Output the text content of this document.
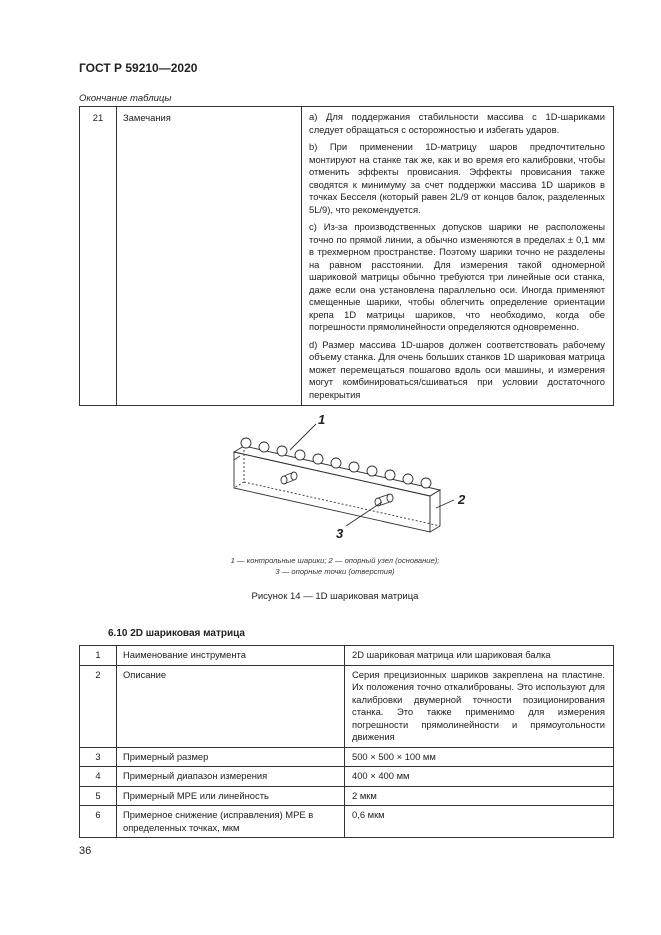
ГОСТ Р 59210—2020
Окончание таблицы
21	Замечания	a) Для поддержания стабильности массива с 1D-шариками следует обращаться с осторожностью и избегать ударов.

b) При применении 1D-матрицу шаров предпочтительно монтируют на станке так же, как и во время его калибровки, чтобы отменить эффекты провисания. Эффекты провисания также сводятся к минимуму за счет поддержки массива 1D шариков в точках Бесселя (который равен 2L/9 от концов балок, разделенных 5L/9), что рекомендуется.

c) Из-за производственных допусков шарики не расположены точно по прямой линии, а обычно изменяются в пределах ± 0,1 мм в трехмерном пространстве. Поэтому шарики точно не разделены на равном расстоянии. Для измерения такой одномерной шариковой матрицы обычно требуются три линейные оси станка, даже если она установлена параллельно оси. Иногда применяют смещенные шарики, чтобы облегчить определение ориентации крепа 1D матрицы шариков, что необходимо, когда обе погрешности прямолинейности определяются одновременно.

d) Размер массива 1D-шаров должен соответствовать рабочему объему станка. Для очень больших станков 1D шариковая матрица может перемещаться пошагово вдоль оси машины, и измерения могут комбинироваться/сшиваться при условии достаточного перекрытия

1
2
3
1 — контрольные шарики; 2 — опорный узел (основание);
3 — опорные точки (отверстия)
Рисунок 14 — 1D шариковая матрица
6.10 2D шариковая матрица
1	Наименование инструмента	2D шариковая матрица или шариковая балка
2	Описание	Серия прецизионных шариков закреплена на пластине. Их положения точно откалиброваны. Это используют для калибровки двумерной точности позиционирования станка. Это также применимо для измерения погрешности прямолинейности и прямоугольности движения
3	Примерный размер	500 × 500 × 100 мм
4	Примерный диапазон измерения	400 × 400 мм
5	Примерный MPE или линейность	2 мкм
6	Примерное снижение (исправления) MPE в определенных точках, мкм	0,6 мкм
36
